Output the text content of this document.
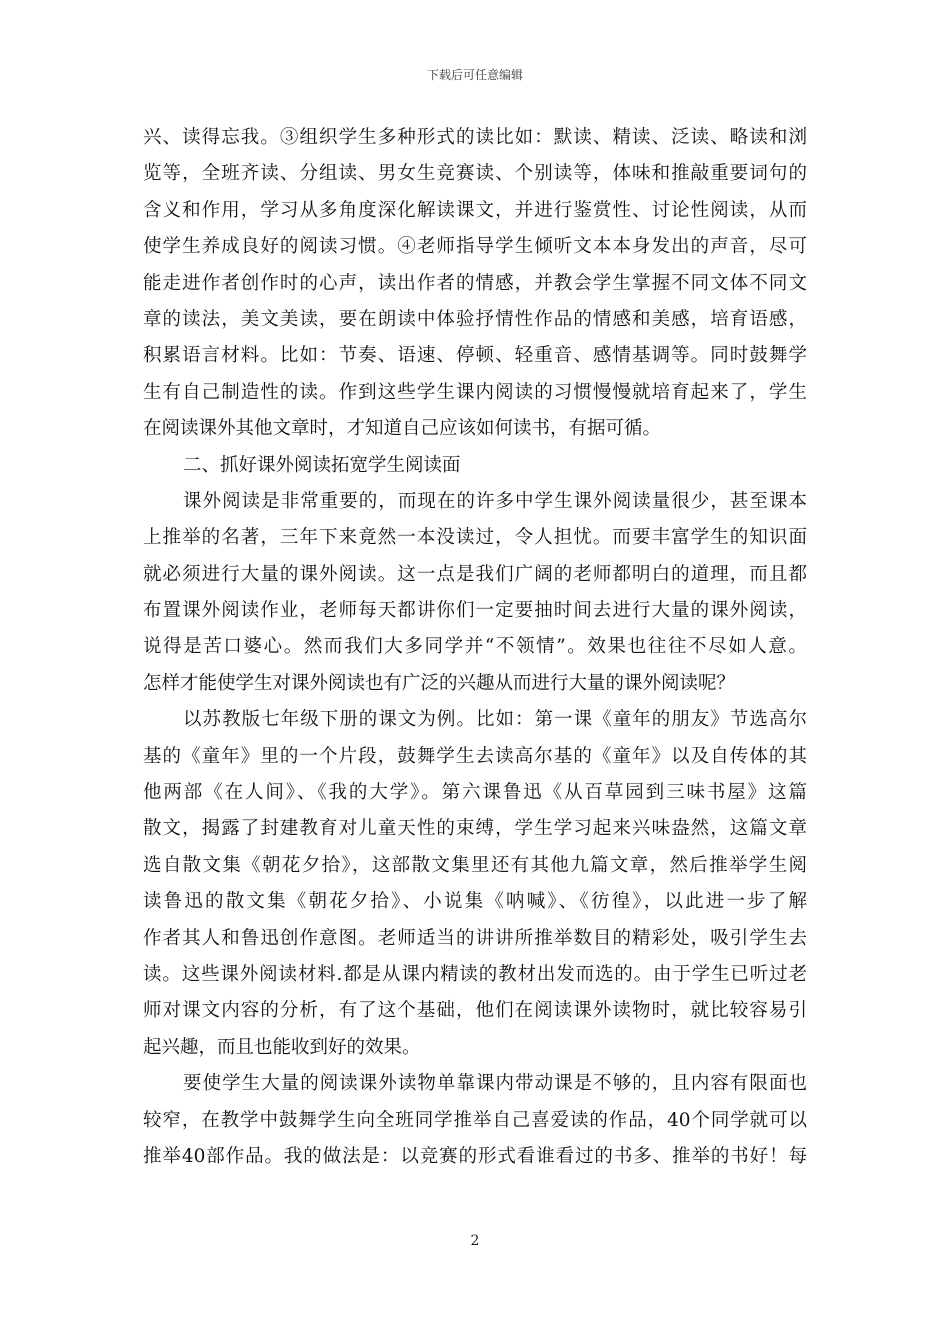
下载后可任意编辑
兴、读得忘我。③组织学生多种形式的读比如：默读、精读、泛读、略读和浏
览等，全班齐读、分组读、男女生竞赛读、个别读等，体味和推敲重要词句的
含义和作用，学习从多角度深化解读课文，并进行鉴赏性、讨论性阅读，从而
使学生养成良好的阅读习惯。④老师指导学生倾听文本本身发出的声音，尽可
能走进作者创作时的心声，读出作者的情感，并教会学生掌握不同文体不同文
章的读法，美文美读，要在朗读中体验抒情性作品的情感和美感，培育语感，
积累语言材料。比如：节奏、语速、停顿、轻重音、感情基调等。同时鼓舞学
生有自己制造性的读。作到这些学生课内阅读的习惯慢慢就培育起来了，学生
在阅读课外其他文章时，才知道自己应该如何读书，有据可循。
二、抓好课外阅读拓宽学生阅读面
课外阅读是非常重要的，而现在的许多中学生课外阅读量很少，甚至课本
上推举的名著，三年下来竟然一本没读过，令人担忧。而要丰富学生的知识面
就必须进行大量的课外阅读。这一点是我们广阔的老师都明白的道理，而且都
布置课外阅读作业，老师每天都讲你们一定要抽时间去进行大量的课外阅读，
说得是苦口婆心。然而我们大多同学并“不领情”。效果也往往不尽如人意。
怎样才能使学生对课外阅读也有广泛的兴趣从而进行大量的课外阅读呢？
以苏教版七年级下册的课文为例。比如：第一课《童年的朋友》节选高尔
基的《童年》里的一个片段，鼓舞学生去读高尔基的《童年》以及自传体的其
他两部《在人间》、《我的大学》。第六课鲁迅《从百草园到三味书屋》这篇
散文，揭露了封建教育对儿童天性的束缚，学生学习起来兴味盎然，这篇文章
选自散文集《朝花夕拾》，这部散文集里还有其他九篇文章，然后推举学生阅
读鲁迅的散文集《朝花夕拾》、小说集《呐喊》、《彷徨》，以此进一步了解
作者其人和鲁迅创作意图。老师适当的讲讲所推举数目的精彩处，吸引学生去
读。这些课外阅读材料.都是从课内精读的教材出发而选的。由于学生已听过老
师对课文内容的分析，有了这个基础，他们在阅读课外读物时，就比较容易引
起兴趣，而且也能收到好的效果。
要使学生大量的阅读课外读物单靠课内带动课是不够的，且内容有限面也
较窄，在教学中鼓舞学生向全班同学推举自己喜爱读的作品，40个同学就可以
推举40部作品。我的做法是：以竞赛的形式看谁看过的书多、推举的书好！每
2
